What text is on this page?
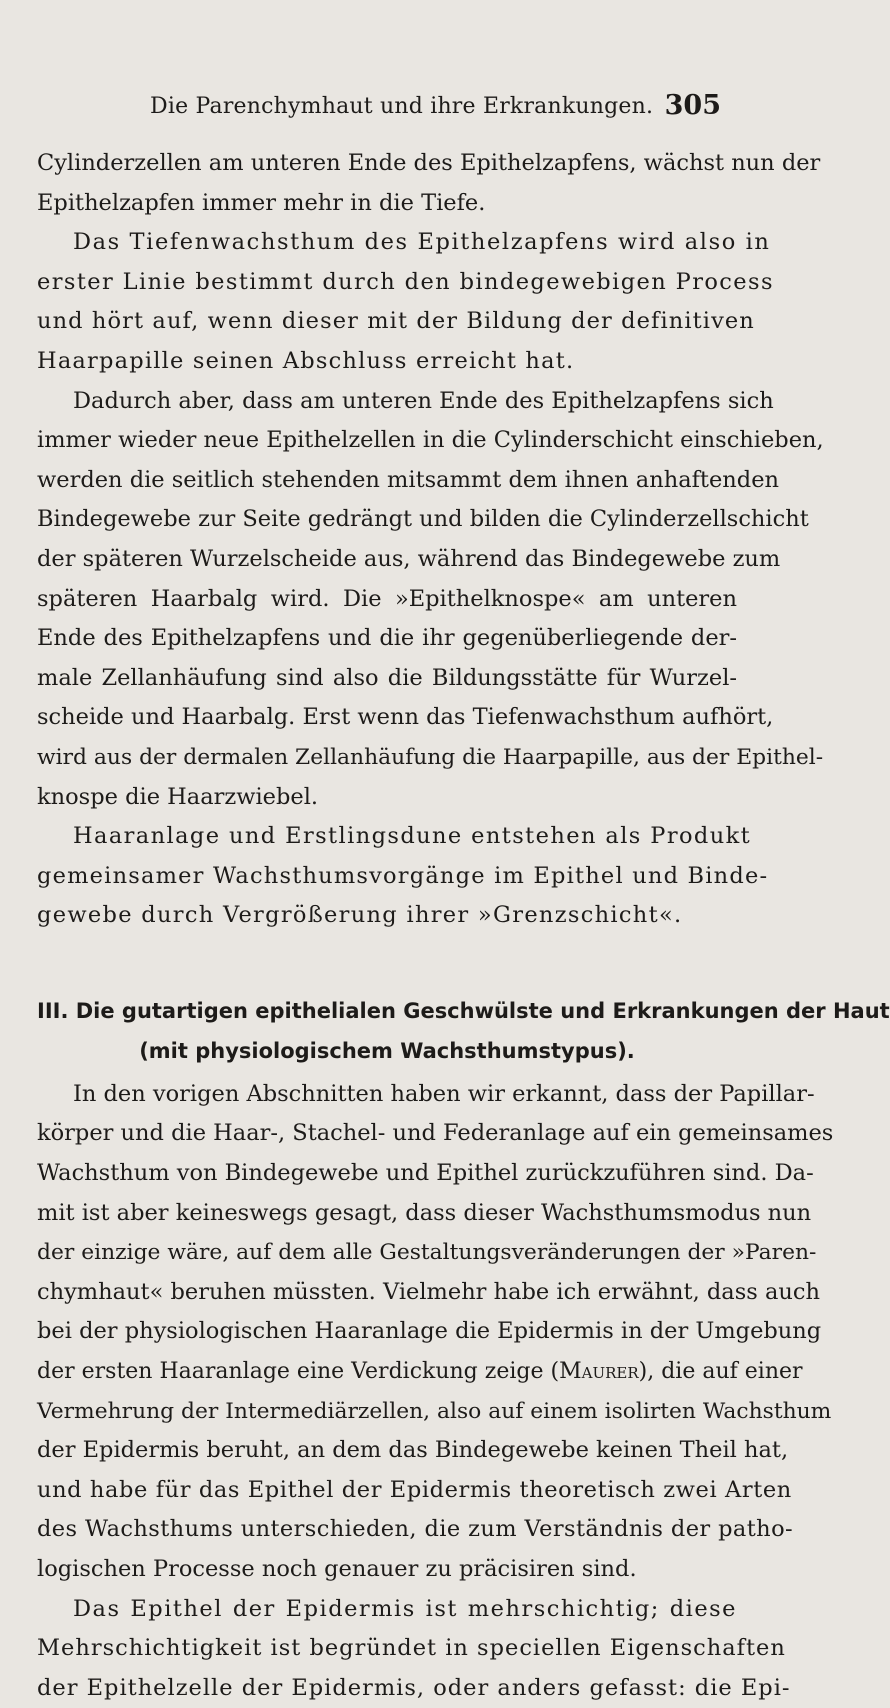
Die Parenchymhaut und ihre Erkrankungen. 305
Cylinderzellen am unteren Ende des Epithelzapfens, wächst nun der
Epithelzapfen immer mehr in die Tiefe.
Das Tiefenwachsthum des Epithelzapfens wird also in
erster Linie bestimmt durch den bindegewebigen Process
und hört auf, wenn dieser mit der Bildung der definitiven
Haarpapille seinen Abschluss erreicht hat.
Dadurch aber, dass am unteren Ende des Epithelzapfens sich
immer wieder neue Epithelzellen in die Cylinderschicht einschieben,
werden die seitlich stehenden mitsammt dem ihnen anhaftenden
Bindegewebe zur Seite gedrängt und bilden die Cylinderzellschicht
der späteren Wurzelscheide aus, während das Bindegewebe zum
späteren Haarbalg wird. Die »Epithelknospe« am unteren
Ende des Epithelzapfens und die ihr gegenüberliegende der-
male Zellanhäufung sind also die Bildungsstätte für Wurzel-
scheide und Haarbalg. Erst wenn das Tiefenwachsthum aufhört,
wird aus der dermalen Zellanhäufung die Haarpapille, aus der Epithel-
knospe die Haarzwiebel.
Haaranlage und Erstlingsdune entstehen als Produkt
gemeinsamer Wachsthumsvorgänge im Epithel und Binde-
gewebe durch Vergrößerung ihrer »Grenzschicht«.
III. Die gutartigen epithelialen Geschwülste und Erkrankungen der Haut
(mit physiologischem Wachsthumstypus).
In den vorigen Abschnitten haben wir erkannt, dass der Papillar-
körper und die Haar-, Stachel- und Federanlage auf ein gemeinsames
Wachsthum von Bindegewebe und Epithel zurückzuführen sind. Da-
mit ist aber keineswegs gesagt, dass dieser Wachsthumsmodus nun
der einzige wäre, auf dem alle Gestaltungsveränderungen der »Paren-
chymhaut« beruhen müssten. Vielmehr habe ich erwähnt, dass auch
bei der physiologischen Haaranlage die Epidermis in der Umgebung
der ersten Haaranlage eine Verdickung zeige (Maurer), die auf einer
Vermehrung der Intermediärzellen, also auf einem isolirten Wachsthum
der Epidermis beruht, an dem das Bindegewebe keinen Theil hat,
und habe für das Epithel der Epidermis theoretisch zwei Arten
des Wachsthums unterschieden, die zum Verständnis der patho-
logischen Processe noch genauer zu präcisiren sind.
Das Epithel der Epidermis ist mehrschichtig; diese
Mehrschichtigkeit ist begründet in speciellen Eigenschaften
der Epithelzelle der Epidermis, oder anders gefasst: die Epi-
